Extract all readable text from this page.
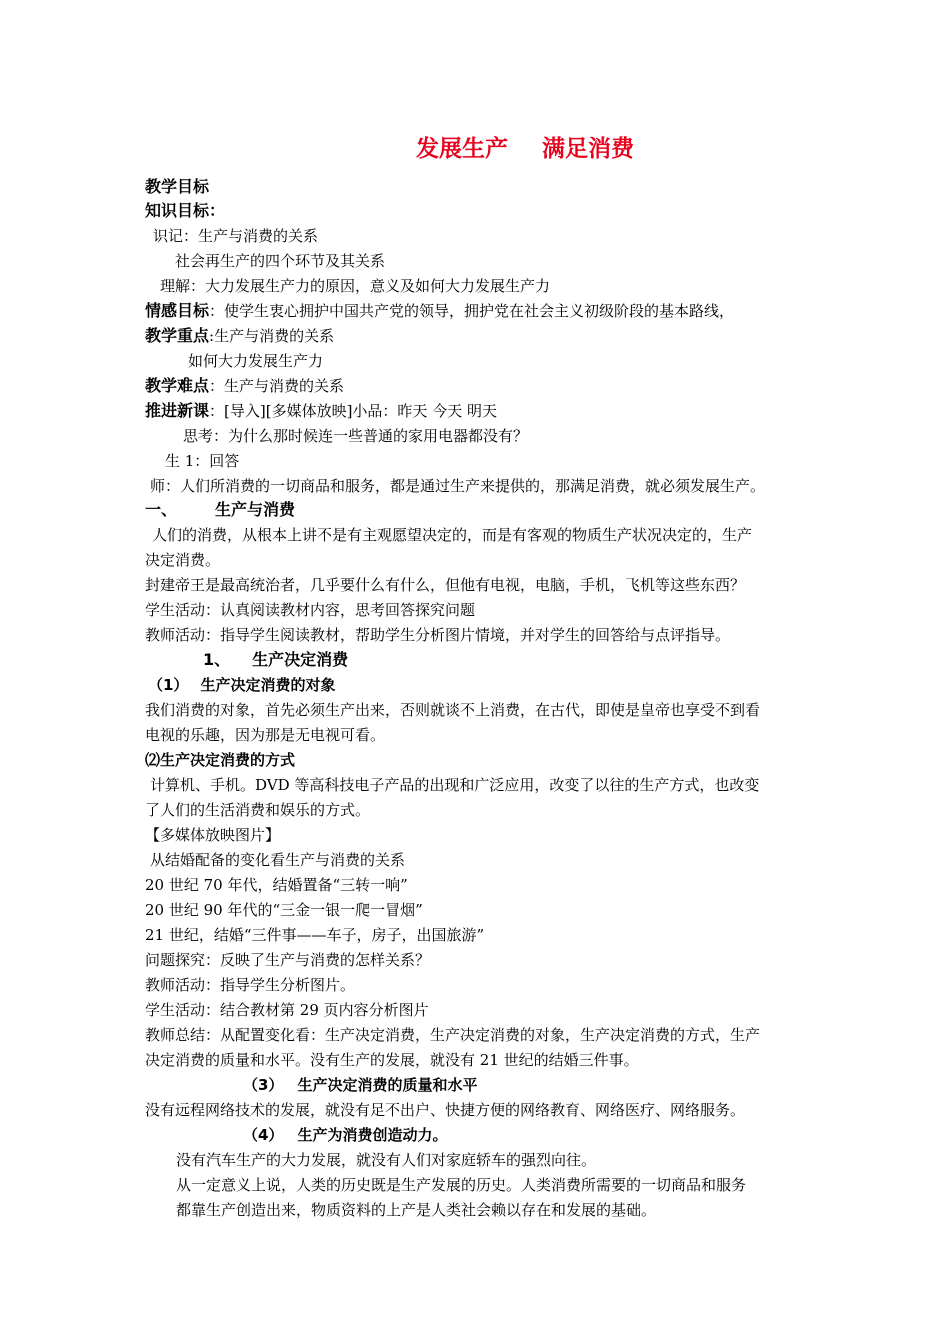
发展生产 满足消费
教学目标
知识目标：
识记：生产与消费的关系
社会再生产的四个环节及其关系
理解：大力发展生产力的原因，意义及如何大力发展生产力
情感目标：使学生衷心拥护中国共产党的领导，拥护党在社会主义初级阶段的基本路线，
教学重点:生产与消费的关系
如何大力发展生产力
教学难点：生产与消费的关系
推进新课：[导入][多媒体放映]小品：昨天 今天 明天
思考：为什么那时候连一些普通的家用电器都没有？
生 1：回答
师：人们所消费的一切商品和服务，都是通过生产来提供的，那满足消费，就必须发展生产。
一、 生产与消费
人们的消费，从根本上讲不是有主观愿望决定的，而是有客观的物质生产状况决定的，生产
决定消费。
封建帝王是最高统治者，几乎要什么有什么，但他有电视，电脑，手机，飞机等这些东西？
学生活动：认真阅读教材内容，思考回答探究问题
教师活动：指导学生阅读教材，帮助学生分析图片情境，并对学生的回答给与点评指导。
1、 生产决定消费
（1） 生产决定消费的对象
我们消费的对象，首先必须生产出来，否则就谈不上消费，在古代，即使是皇帝也享受不到看
电视的乐趣，因为那是无电视可看。
⑵生产决定消费的方式
计算机、手机。DVD 等高科技电子产品的出现和广泛应用，改变了以往的生产方式，也改变
了人们的生活消费和娱乐的方式。
【多媒体放映图片】
从结婚配备的变化看生产与消费的关系
20 世纪 70 年代，结婚置备“三转一响”
20 世纪 90 年代的“三金一银一爬一冒烟”
21 世纪，结婚“三件事——车子，房子，出国旅游”
问题探究：反映了生产与消费的怎样关系？
教师活动：指导学生分析图片。
学生活动：结合教材第 29 页内容分析图片
教师总结：从配置变化看：生产决定消费，生产决定消费的对象，生产决定消费的方式，生产
决定消费的质量和水平。没有生产的发展，就没有 21 世纪的结婚三件事。
（3） 生产决定消费的质量和水平
没有远程网络技术的发展，就没有足不出户、快捷方便的网络教育、网络医疗、网络服务。
（4） 生产为消费创造动力。
没有汽车生产的大力发展，就没有人们对家庭轿车的强烈向往。
从一定意义上说，人类的历史既是生产发展的历史。人类消费所需要的一切商品和服务
都靠生产创造出来，物质资料的上产是人类社会赖以存在和发展的基础。
